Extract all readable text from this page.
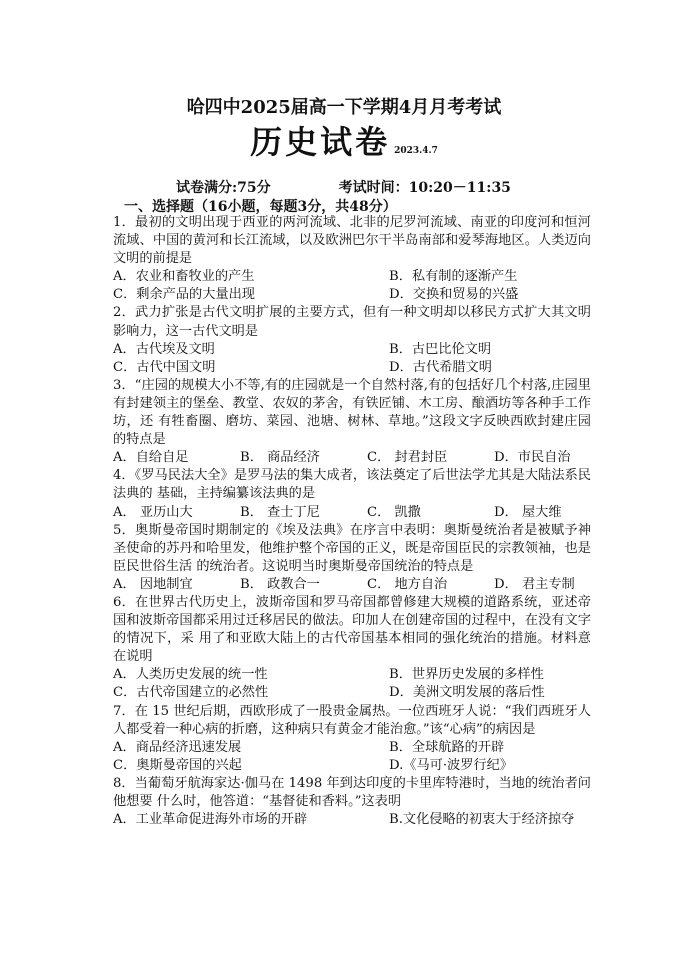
哈四中2025届高一下学期4月月考考试
历史试卷 2023.4.7
试卷满分:75分	考试时间：10:20－11:35
一、选择题（16小题，每题3分，共48分）

1．最初的文明出现于西亚的两河流域、北非的尼罗河流域、南亚的印度河和恒河流域、中国的黄河和长江流域，以及欧洲巴尔干半岛南部和爱琴海地区。人类迈向文明的前提是

A．农业和畜牧业的产生	B．私有制的逐渐产生
C．剩余产品的大量出现	D．交换和贸易的兴盛

2．武力扩张是古代文明扩展的主要方式，但有一种文明却以移民方式扩大其文明影响力，这一古代文明是

A．古代埃及文明	B．古巴比伦文明
C．古代中国文明	D．古代希腊文明

3．“庄园的规模大小不等,有的庄园就是一个自然村落,有的包括好几个村落,庄园里有封建领主的堡垒、教堂、农奴的茅舍，有铁匠铺、木工房、酿酒坊等各种手工作坊，还 有牲畜圈、磨坊、菜园、池塘、树林、草地。”这段文字反映西欧封建庄园的特点是

A．自给自足	B． 商品经济	C． 封君封臣	D．市民自治

4．《罗马民法大全》是罗马法的集大成者，该法奠定了后世法学尤其是大陆法系民法典的 基础，主持编纂该法典的是

A． 亚历山大	B． 查士丁尼	C． 凯撒	D． 屋大维

5．奥斯曼帝国时期制定的《埃及法典》在序言中表明：奥斯曼统治者是被赋予神圣使命的苏丹和哈里发，他维护整个帝国的正义，既是帝国臣民的宗教领袖，也是臣民世俗生活 的统治者。这说明当时奥斯曼帝国统治的特点是

A． 因地制宜	B． 政教合一	C． 地方自治	D． 君主专制

6．在世界古代历史上，波斯帝国和罗马帝国都曾修建大规模的道路系统，亚述帝国和波斯帝国都采用过迁移居民的做法。印加人在创建帝国的过程中，在没有文字的情况下，采 用了和亚欧大陆上的古代帝国基本相同的强化统治的措施。材料意在说明

A．人类历史发展的统一性	B．世界历史发展的多样性
C．古代帝国建立的必然性	D．美洲文明发展的落后性

7．在 15 世纪后期，西欧形成了一股贵金属热。一位西班牙人说：“我们西班牙人人都受着一种心病的折磨，这种病只有黄金才能治愈。”该“心病”的病因是

A．商品经济迅速发展	B．全球航路的开辟
C．奥斯曼帝国的兴起	D.《马可·波罗行纪》

8．当葡萄牙航海家达·伽马在 1498 年到达印度的卡里库特港时，当地的统治者问他想要 什么时，他答道：“基督徒和香料。”这表明

A．工业革命促进海外市场的开辟	B.文化侵略的初衷大于经济掠夺
